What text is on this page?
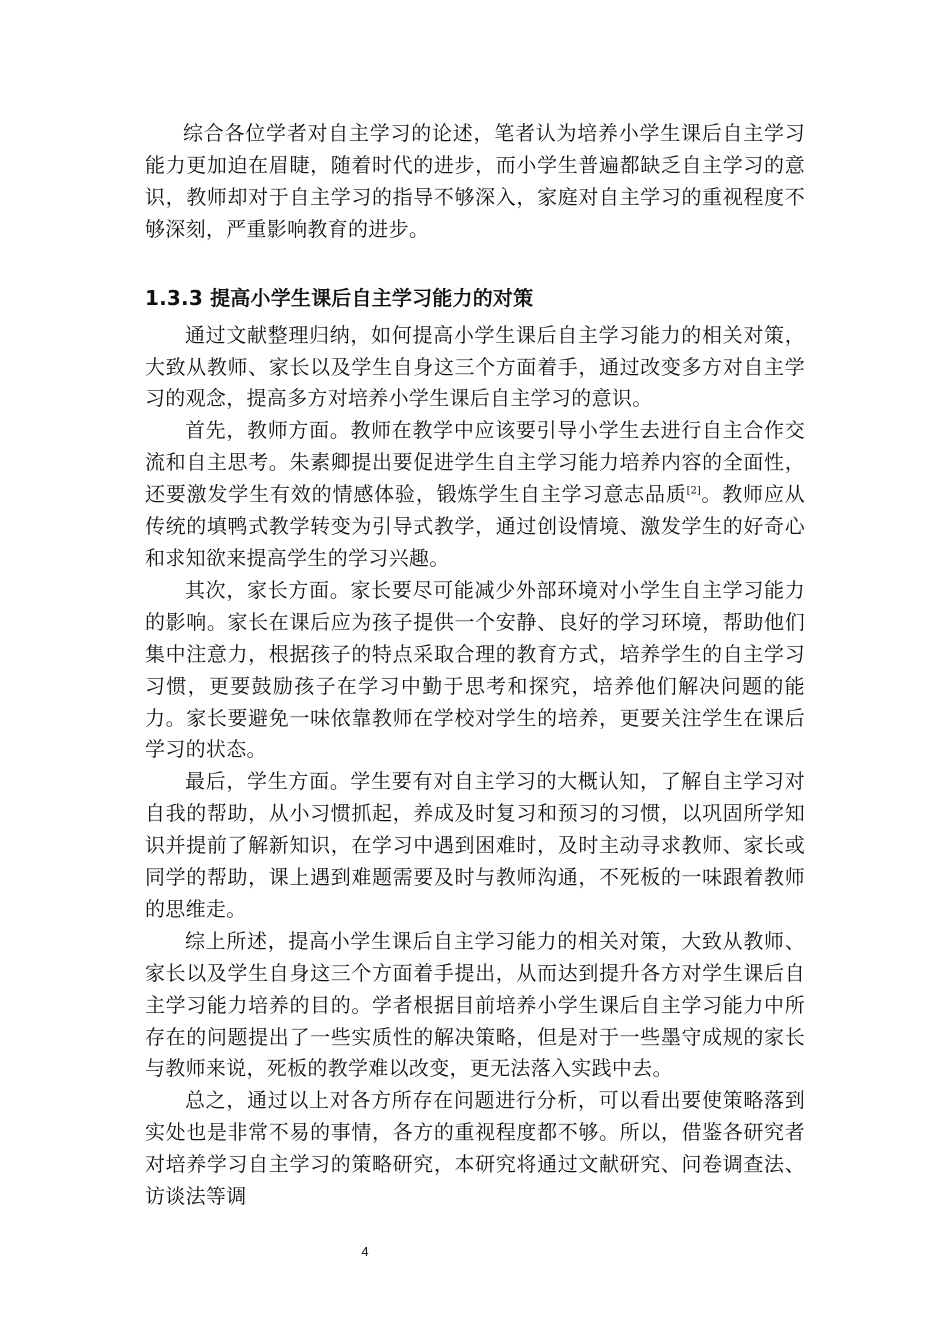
综合各位学者对自主学习的论述，笔者认为培养小学生课后自主学习能力更加迫在眉睫，随着时代的进步，而小学生普遍都缺乏自主学习的意识，教师却对于自主学习的指导不够深入，家庭对自主学习的重视程度不够深刻，严重影响教育的进步。

1.3.3 提高小学生课后自主学习能力的对策

通过文献整理归纳，如何提高小学生课后自主学习能力的相关对策，大致从教师、家长以及学生自身这三个方面着手，通过改变多方对自主学习的观念，提高多方对培养小学生课后自主学习的意识。

首先，教师方面。教师在教学中应该要引导小学生去进行自主合作交流和自主思考。朱素卿提出要促进学生自主学习能力培养内容的全面性，还要激发学生有效的情感体验，锻炼学生自主学习意志品质[2]。教师应从传统的填鸭式教学转变为引导式教学，通过创设情境、激发学生的好奇心和求知欲来提高学生的学习兴趣。

其次，家长方面。家长要尽可能减少外部环境对小学生自主学习能力的影响。家长在课后应为孩子提供一个安静、良好的学习环境，帮助他们集中注意力，根据孩子的特点采取合理的教育方式，培养学生的自主学习习惯，更要鼓励孩子在学习中勤于思考和探究，培养他们解决问题的能力。家长要避免一味依靠教师在学校对学生的培养，更要关注学生在课后学习的状态。

最后，学生方面。学生要有对自主学习的大概认知，了解自主学习对自我的帮助，从小习惯抓起，养成及时复习和预习的习惯，以巩固所学知识并提前了解新知识，在学习中遇到困难时，及时主动寻求教师、家长或同学的帮助，课上遇到难题需要及时与教师沟通，不死板的一味跟着教师的思维走。

综上所述，提高小学生课后自主学习能力的相关对策，大致从教师、家长以及学生自身这三个方面着手提出，从而达到提升各方对学生课后自主学习能力培养的目的。学者根据目前培养小学生课后自主学习能力中所存在的问题提出了一些实质性的解决策略，但是对于一些墨守成规的家长与教师来说，死板的教学难以改变，更无法落入实践中去。

总之，通过以上对各方所存在问题进行分析，可以看出要使策略落到实处也是非常不易的事情，各方的重视程度都不够。所以，借鉴各研究者对培养学习自主学习的策略研究，本研究将通过文献研究、问卷调查法、访谈法等调

4
